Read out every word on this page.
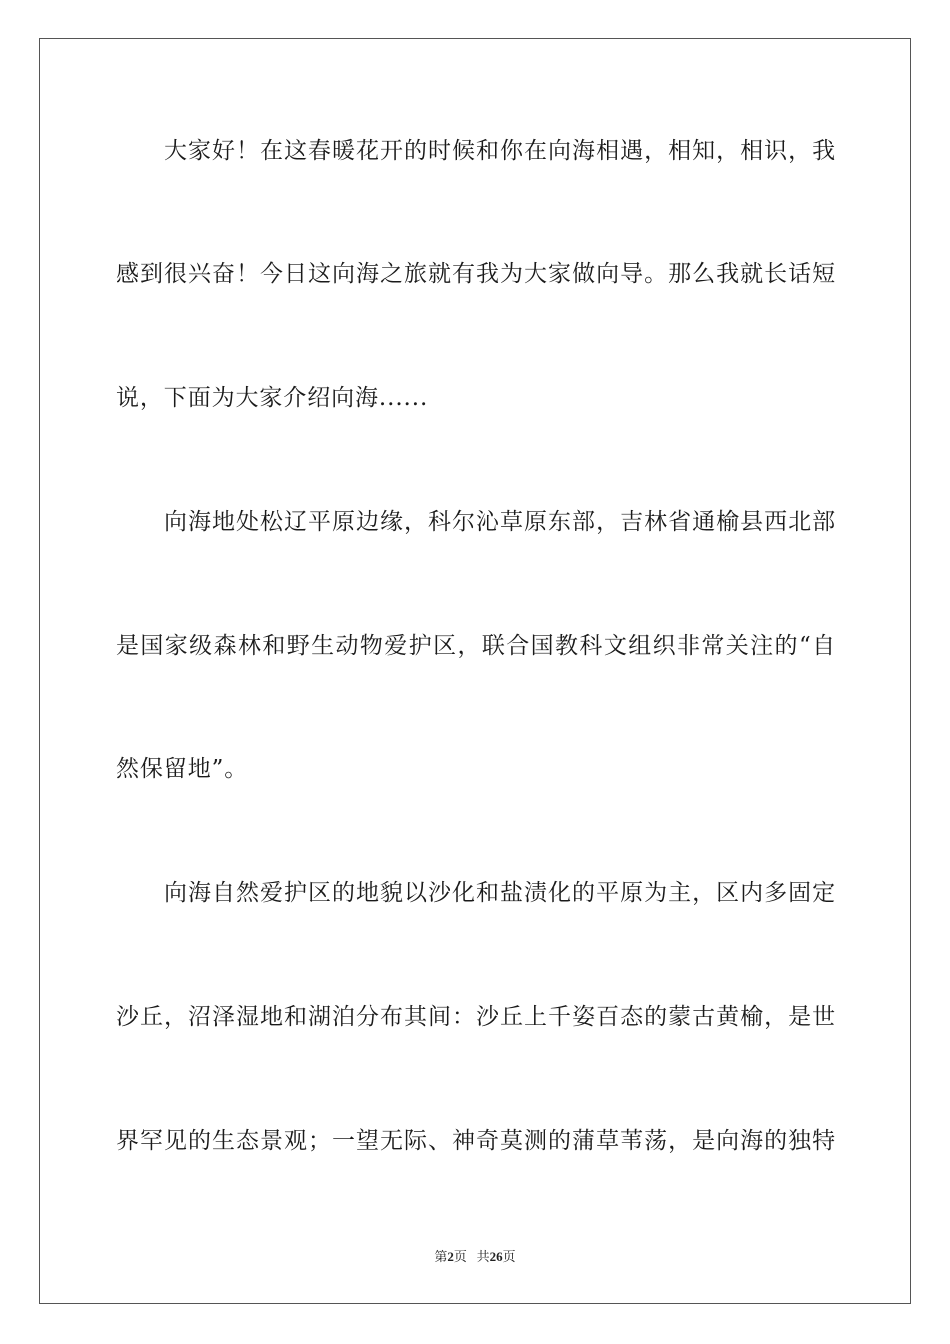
大家好！在这春暖花开的时候和你在向海相遇，相知，相识，我
感到很兴奋！今日这向海之旅就有我为大家做向导。那么我就长话短
说，下面为大家介绍向海......
向海地处松辽平原边缘，科尔沁草原东部，吉林省通榆县西北部
是国家级森林和野生动物爱护区，联合国教科文组织非常关注的“自
然保留地”。
向海自然爱护区的地貌以沙化和盐渍化的平原为主，区内多固定
沙丘，沼泽湿地和湖泊分布其间：沙丘上千姿百态的蒙古黄榆，是世
界罕见的生态景观；一望无际、神奇莫测的蒲草苇荡，是向海的独特
第2页 共26页
